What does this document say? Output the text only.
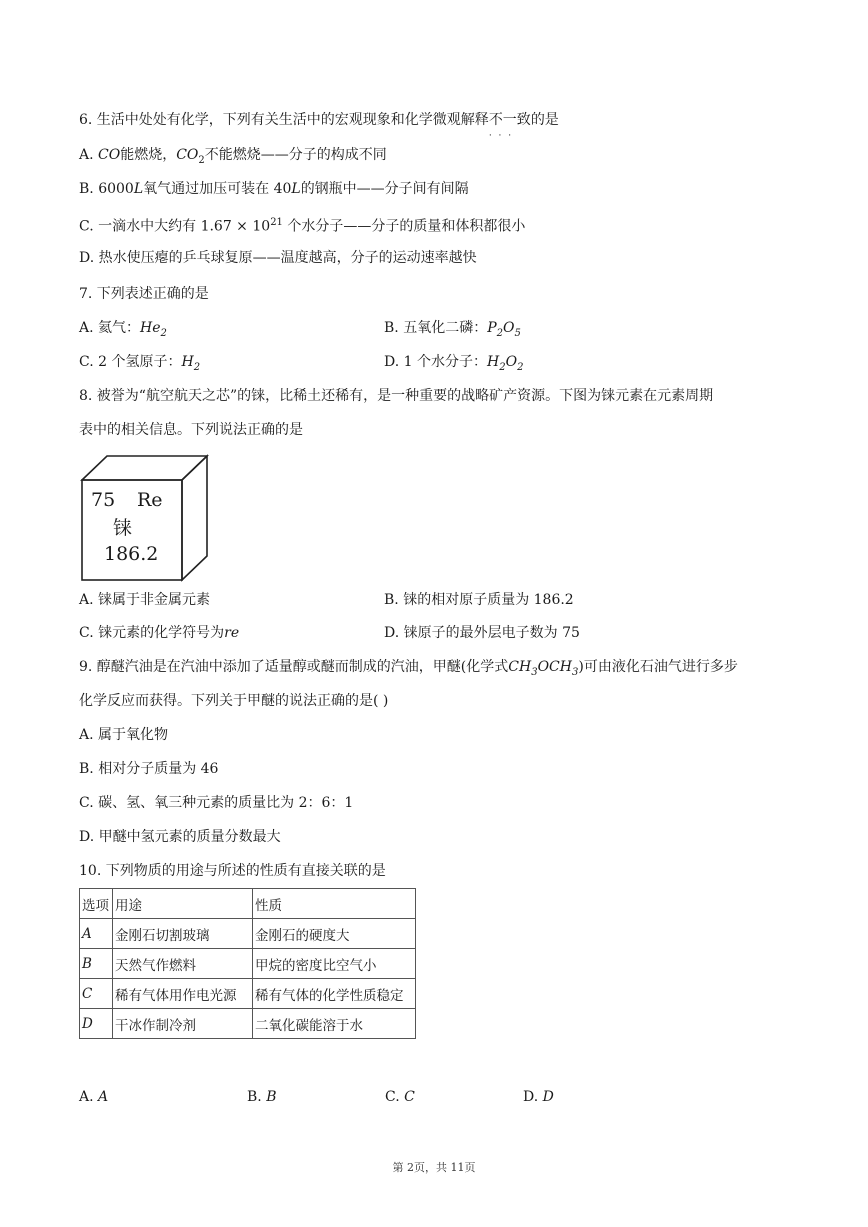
6. 生活中处处有化学，下列有关生活中的宏观现象和化学微观解释不一致 · · ·的是
A. CO能燃烧，$CO_2$不能燃烧——分子的构成不同
B. 6000L氧气通过加压可装在 40L的钢瓶中——分子间有间隔
C. 一滴水中大约有 $1.67 \times 10^{21}$ 个水分子——分子的质量和体积都很小
D. 热水使压瘪的乒乓球复原——温度越高，分子的运动速率越快
7. 下列表述正确的是
A. 氦气：$He_2$	B. 五氧化二磷：$P_2O_5$
C. 2 个氢原子：$H_2$	D. 1 个水分子：$H_2O_2$
8. 被誉为“航空航天之芯”的铼，比稀土还稀有，是一种重要的战略矿产资源。下图为铼元素在元素周期
表中的相关信息。下列说法正确的是
75 Re
铼
186.2
A. 铼属于非金属元素	B. 铼的相对原子质量为 186.2
C. 铼元素的化学符号为re	D. 铼原子的最外层电子数为 75
9. 醇醚汽油是在汽油中添加了适量醇或醚而制成的汽油，甲醚(化学式$CH_3OCH_3$)可由液化石油气进行多步
化学反应而获得。下列关于甲醚的说法正确的是( )
A. 属于氧化物
B. 相对分子质量为 46
C. 碳、氢、氧三种元素的质量比为 2：6：1
D. 甲醚中氢元素的质量分数最大
10. 下列物质的用途与所述的性质有直接关联的是
选项	用途	性质
A	金刚石切割玻璃	金刚石的硬度大
B	天然气作燃料	甲烷的密度比空气小
C	稀有气体用作电光源	稀有气体的化学性质稳定
D	干冰作制冷剂	二氧化碳能溶于水
A. A	B. B	C. C	D. D
第 2页，共 11页
